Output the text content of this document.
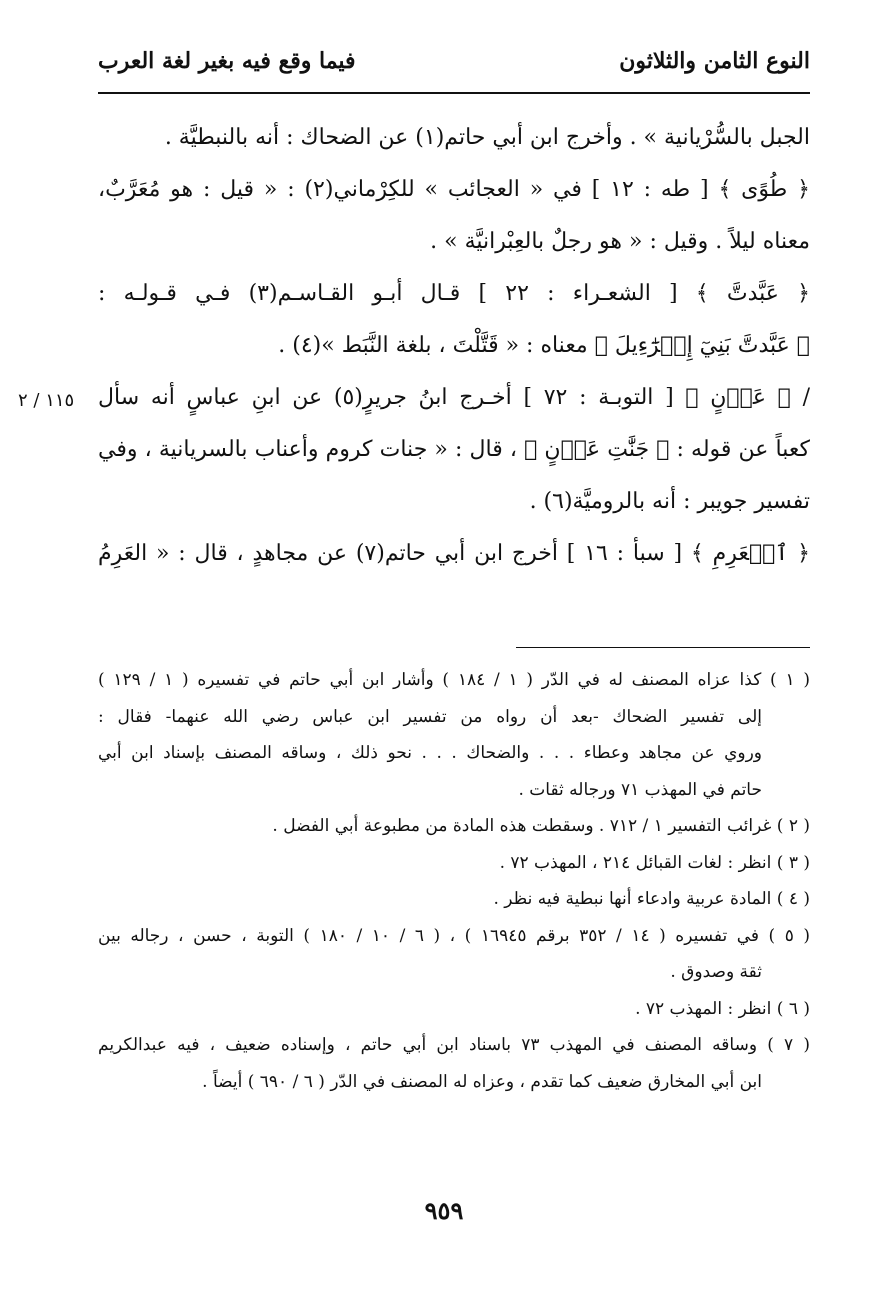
النوع الثامن والثلاثون
فيما وقع فيه بغير لغة العرب
الجبل بالسُّرْيانية » . وأخرج ابن أبي حاتم(١) عن الضحاك : أنه بالنبطيَّة .
﴿ طُوًى ﴾ [ طه : ١٢ ] في « العجائب » للكِرْماني(٢) : « قيل : هو مُعَرَّبٌ،
معناه ليلاً . وقيل : « هو رجلٌ بالعِبْرانيَّة » .
﴿ عَبَّدتَّ ﴾ [ الشعـراء : ٢٢ ] قـال أبـو القـاسـم(٣) فـي قـولـه :
﴿ عَبَّدتَّ بَنِيٓ إِسۡرَٰٓءِيلَ ﴾ معناه : « قَتَّلْتَ ، بلغة النَّبَط »(٤) .
/ ﴿ عَدۡنٍ ﴾ [ التوبـة : ٧٢ ] أخـرج ابنُ جريرٍ(٥) عن ابنِ عباسٍ أنه سأل
كعباً عن قوله : ﴿ جَنَّٰتِ عَدۡنٍ ﴾ ، قال : « جنات كروم وأعناب بالسريانية ، وفي
تفسير جويبر : أنه بالروميَّة(٦) .
﴿ ٱلۡعَرِمِ ﴾ [ سبأ : ١٦ ] أخرج ابن أبي حاتم(٧) عن مجاهدٍ ، قال : « العَرِمُ
١١٥ / ٢
( ١ ) كذا عزاه المصنف له في الدّر ( ١ / ١٨٤ ) وأشار ابن أبي حاتم في تفسيره ( ١ / ١٢٩ )
إلى تفسير الضحاك -بعد أن رواه من تفسير ابن عباس رضي الله عنهما- فقال :
وروي عن مجاهد وعطاء . . . والضحاك . . . نحو ذلك ، وساقه المصنف بإسناد ابن أبي
حاتم في المهذب ٧١ ورجاله ثقات .
( ٢ ) غرائب التفسير ١ / ٧١٢ . وسقطت هذه المادة من مطبوعة أبي الفضل .
( ٣ ) انظر : لغات القبائل ٢١٤ ، المهذب ٧٢ .
( ٤ ) المادة عربية وادعاء أنها نبطية فيه نظر .
( ٥ ) في تفسيره ( ١٤ / ٣٥٢ برقم ١٦٩٤٥ ) ، ( ٦ / ١٠ / ١٨٠ ) التوبة ، حسن ، رجاله بين
ثقة وصدوق .
( ٦ ) انظر : المهذب ٧٢ .
( ٧ ) وساقه المصنف في المهذب ٧٣ باسناد ابن أبي حاتم ، وإسناده ضعيف ، فيه عبدالكريم
ابن أبي المخارق ضعيف كما تقدم ، وعزاه له المصنف في الدّر ( ٦ / ٦٩٠ ) أيضاً .
٩٥٩
